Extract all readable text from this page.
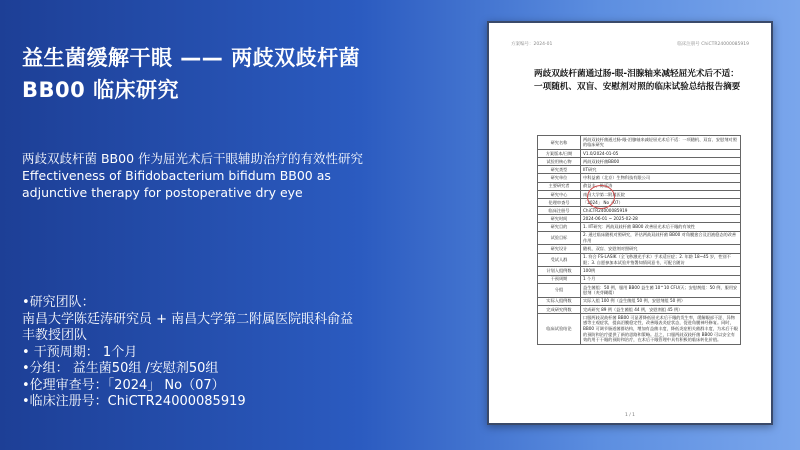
益生菌缓解干眼 —— 两歧双歧杆菌 BB00 临床研究
两歧双歧杆菌 BB00 作为屈光术后干眼辅助治疗的有效性研究
Effectiveness of Bifidobacterium bifidum BB00 as adjunctive therapy for postoperative dry eye
•研究团队：
南昌大学陈廷涛研究员 + 南昌大学第二附属医院眼科俞益丰教授团队
• 干预周期： 1个月
•分组： 益生菌50组 /安慰剂50组
•伦理审查号：「2024」 No（07）
•临床注册号：ChiCTR24000085919
方案编号：2024-01	临床注册号 ChiCTR24000085919
两歧双歧杆菌通过肠-眼-泪腺轴来减轻屈光术后不适：一项随机、双盲、安慰剂对照的临床试验总结报告摘要
研究名称	两歧双歧杆菌通过肠-眼-泪腺轴来减轻屈光术后不适：一项随机、双盲、安慰剂对照的临床研究
方案版本/日期	V1.0/2024-01-05
试验用核心物	两歧双歧杆菌BB00
研究类型	IIT研究
研究单位	中科益菌（北京）生物科技有限公司
主要研究者	俞益丰、陈廷涛
研究中心	南昌大学第二附属医院
伦理审查号	「2024」 No（07）
临床注册号	ChiCTR24000085919
研究时间	2024-06-01 ~ 2025-02-28
研究目的	1. IIT研究：两歧双歧杆菌 BB00 改善屈光术后干眼的有效性
试验目标	2. 通过临床随机对照研究，评估两歧双歧杆菌 BB00 对角膜愈合及泪液稳态的改善作用
研究设计	随机、双盲、安慰剂对照研究
受试人群	1. 符合 FS-LASIK（全飞秒激光手术）手术适应症；2. 年龄 18~45 岁，性别不限；3. 自愿参加本试验并签署知情同意书，可配合随访
计划入组例数	100例
干预周期	1 个月
分组	益生菌组：50 例，服用 BB00 益生菌 10^10 CFU/天；安慰剂组：50 例，服用安慰剂（麦芽糊精）
实际入组例数	实际入组 100 例（益生菌组 50 例，安慰剂组 50 例）
完成研究例数	完成研究 89 例（益生菌组 44 例，安慰剂组 45 例）
临床试验结论	口服两歧双歧杆菌 BB00 可显著降低屈光术后干眼的发生率，缓解眼部干涩、异物感等主观症状，提高泪膜稳定性，改善眼表炎症状态，促进角膜神经修复。同时，BB00 可调节肠道菌群结构，增加有益菌丰度，降低炎症相关菌群丰度，为术后干眼的预防和治疗提供了新的思路和策略。总之，口服两歧双歧杆菌 BB00 可以安全有效的用于干眼的预防和治疗，在术后干眼管理中具有积极的临床转化价值。
1 / 1
